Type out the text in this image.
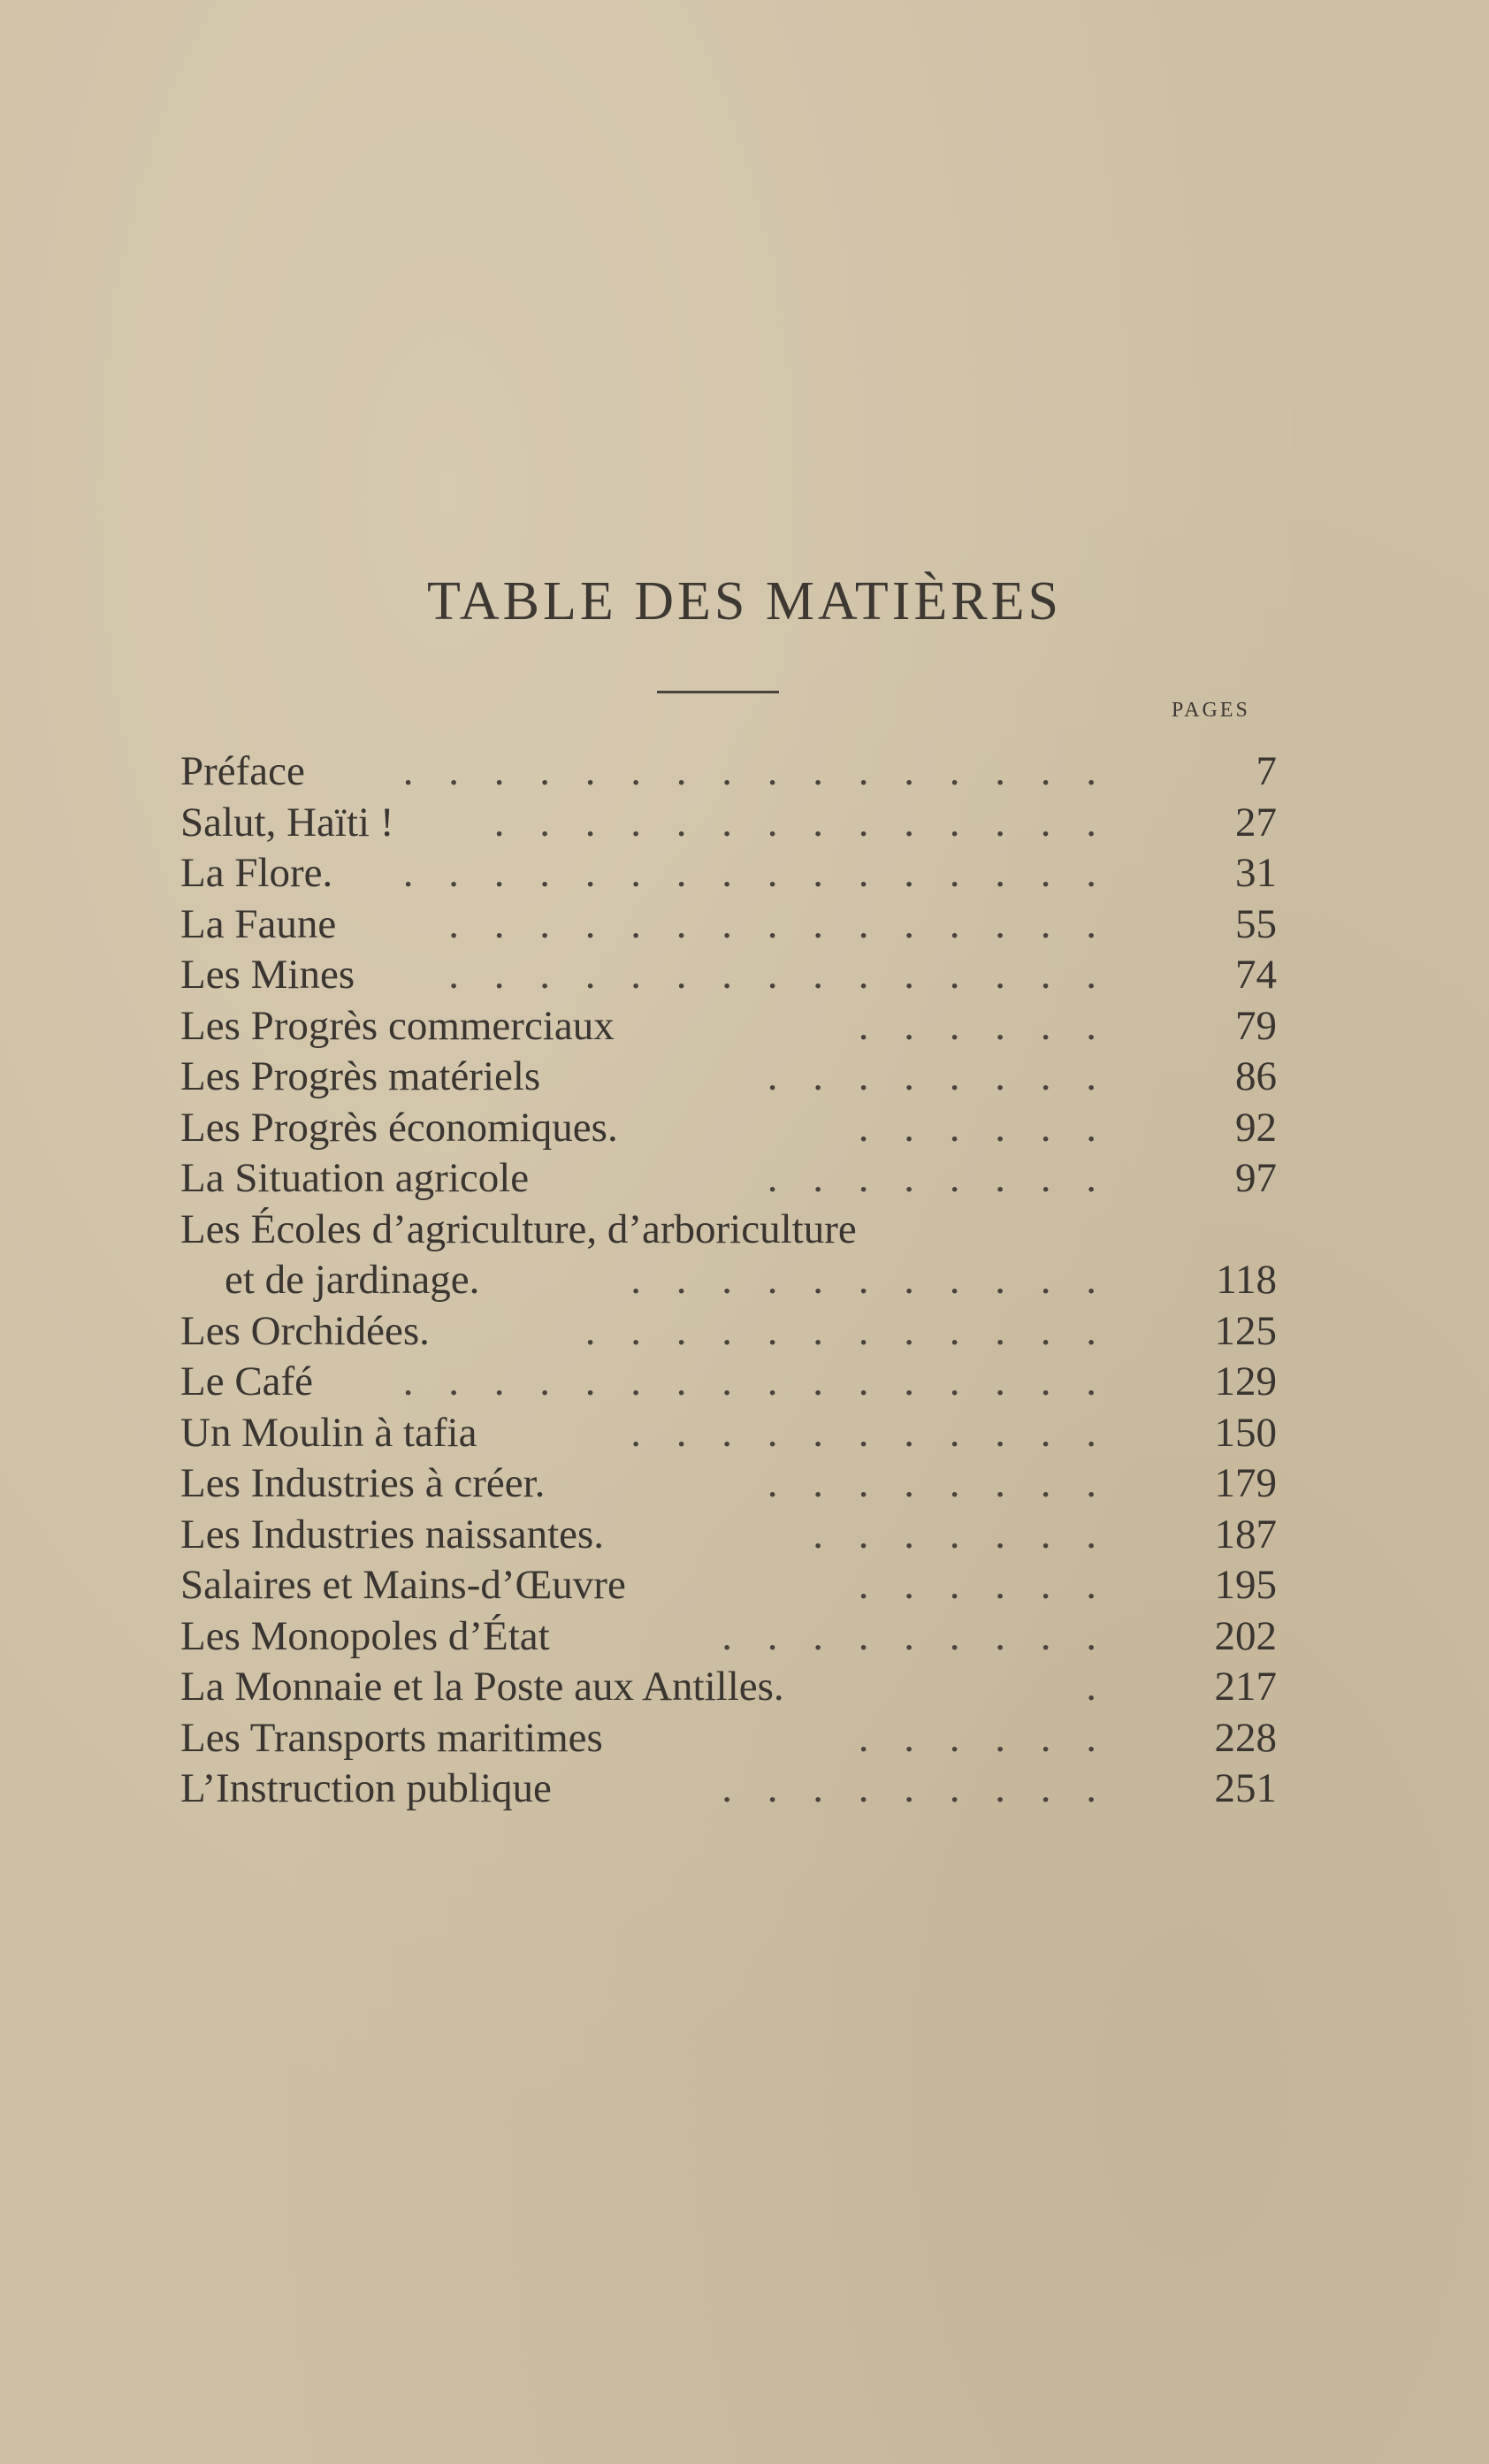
TABLE DES MATIÈRES
PAGES
Préface . . . . . . . . . . . . . . . .	7
Salut, Haïti ! . . . . . . . . . . . . . .	27
La Flore. . . . . . . . . . . . . . . . .	31
La Faune	. . . . . . . . . . . . . . .	55
Les Mines . . . . . . . . . . . . . . .	74
Les Progrès commerciaux	. . . . . .	79
Les Progrès matériels	. . . . . . . .	86
Les Progrès économiques.	. . . . . .	92
La Situation agricole	. . . . . . . .	97
Les Écoles d’agriculture, d’arboriculture
et de jardinage.	. . . . . . . . . . .	118
Les Orchidées.	. . . . . . . . . . . .	125
Le Café . . . . . . . . . . . . . . . .	129
Un Moulin à tafia	. . . . . . . . . . .	150
Les Industries à créer.	. . . . . . . .	179
Les Industries naissantes.	. . . . . . .	187
Salaires et Mains-d’Œuvre	. . . . . .	195
Les Monopoles d’État	. . . . . . . . .	202
La Monnaie et la Poste aux Antilles.	.	217
Les Transports maritimes	. . . . . .	228
L’Instruction publique	. . . . . . . . .	251
